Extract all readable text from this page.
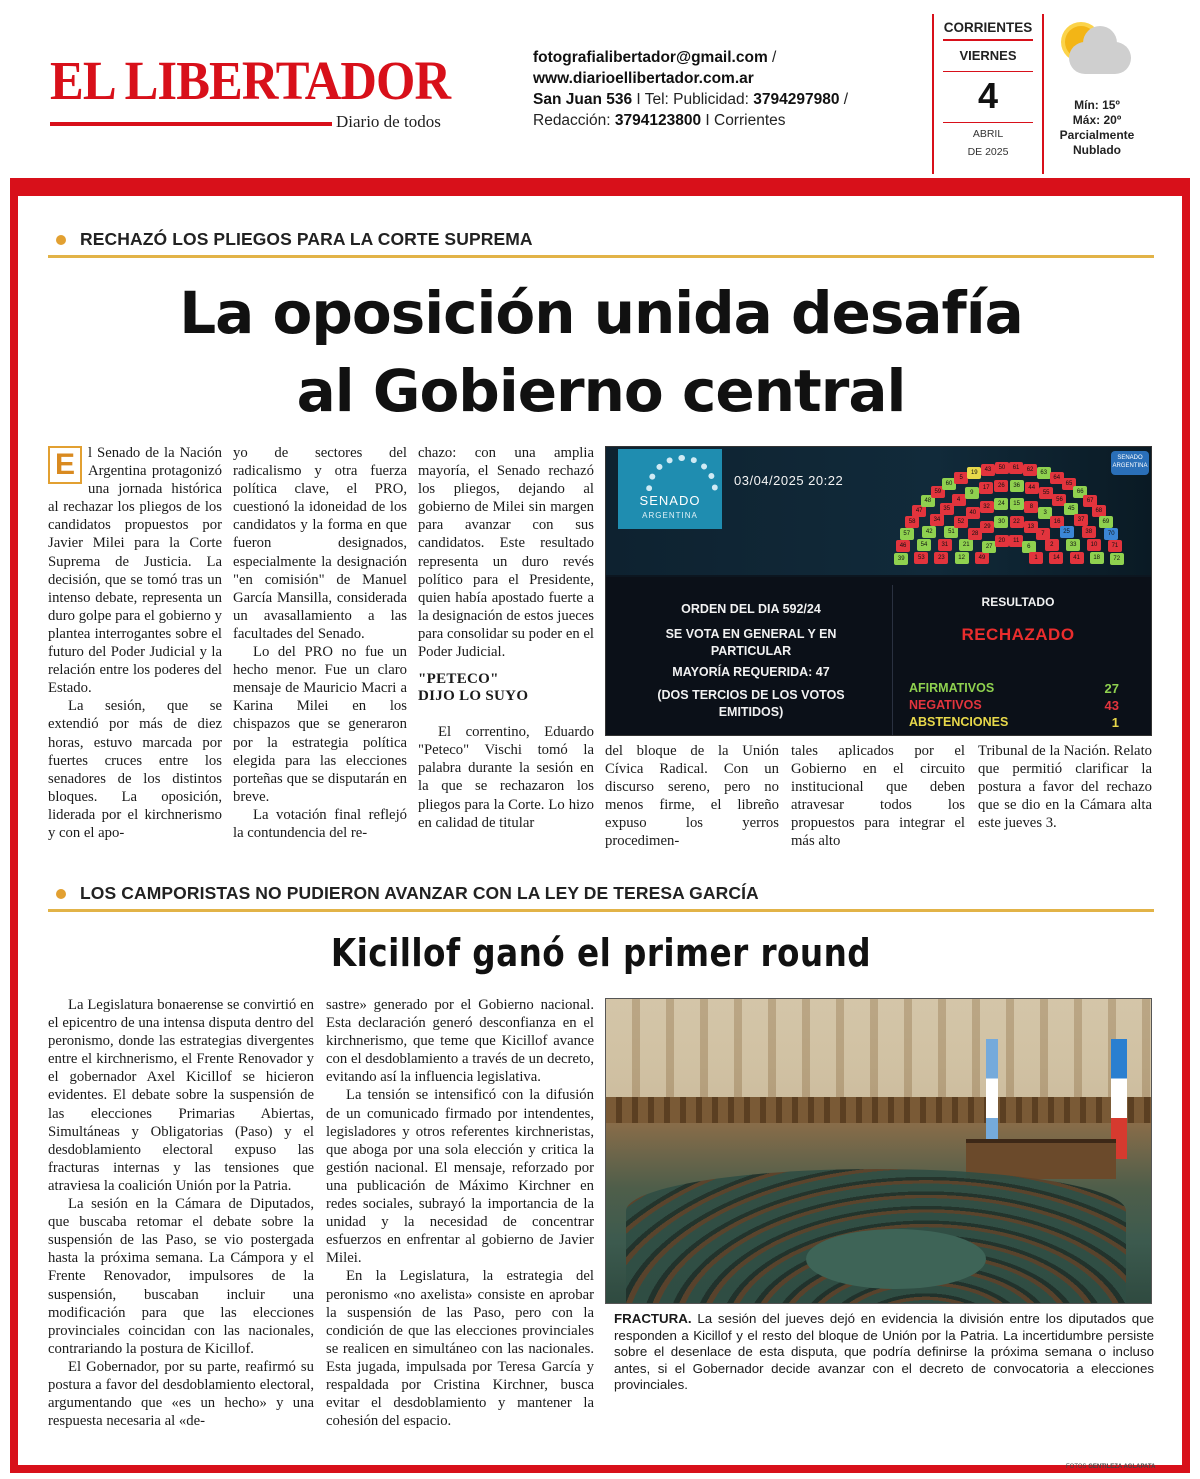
EL LIBERTADOR
Diario de todos
fotografialibertador@gmail.com /
www.diarioellibertador.com.ar
San Juan 536 I Tel: Publicidad: 3794297980 /
Redacción: 3794123800 I Corrientes
CORRIENTES
VIERNES
4
ABRIL
DE 2025
Mín: 15º
Máx: 20º
Parcialmente
Nublado
RECHAZÓ LOS PLIEGOS PARA LA CORTE SUPREMA
La oposición unida desafía
al Gobierno central

E l Senado de la Nación Argentina protagonizó una jornada histórica al rechazar los pliegos de los candidatos propuestos por Javier Milei para la Corte Suprema de Justicia. La decisión, que se tomó tras un intenso debate, representa un duro golpe para el gobierno y plantea interrogantes sobre el futuro del Poder Judicial y la relación entre los poderes del Estado.

La sesión, que se extendió por más de diez horas, estuvo marcada por fuertes cruces entre los senadores de los distintos bloques. La oposición, liderada por el kirchnerismo y con el apo-

yo de sectores del radicalismo y otra fuerza política clave, el PRO, cuestionó la idoneidad de los candidatos y la forma en que fueron designados, especialmente la designación "en comisión" de Manuel García Mansilla, considerada un avasallamiento a las facultades del Senado.

Lo del PRO no fue un hecho menor. Fue un claro mensaje de Mauricio Macri a Karina Milei en los chispazos que se generaron por la estrategia política elegida para las elecciones porteñas que se disputarán en breve.

La votación final reflejó la contundencia del re-

chazo: con una amplia mayoría, el Senado rechazó los pliegos, dejando al gobierno de Milei sin margen para avanzar con sus candidatos. Este resultado representa un duro revés político para el Presidente, quien había apostado fuerte a la designación de estos jueces para consolidar su poder en el Poder Judicial.

"PETECO"
DIJO LO SUYO

El correntino, Eduardo "Peteco" Vischi tomó la palabra durante la sesión en la que se rechazaron los pliegos para la Corte. Lo hizo en calidad de titular

SENADO
ARGENTINA
03/04/2025 20:22
49
27
20	11
6
1
12
21
28
29
30	22
13
7
2
14
23
31
51
52
40
32
24	15
8
3
16
25
33
41
53
54
42
34
35
4
9
17	26	36	44
55
56
45
37
38
10
18
39
46
57
58
47
48
59
60
5
19
43	50	61	62
63
64
65
66
67
68
69
70
71
72
SENADO
ARGENTINA
ORDEN DEL DIA 592/24
SE VOTA EN GENERAL Y EN
PARTICULAR
MAYORÍA REQUERIDA: 47
(DOS TERCIOS DE LOS VOTOS
EMITIDOS)
RESULTADO
RECHAZADO
AFIRMATIVOS	27
NEGATIVOS	43
ABSTENCIONES	1

del bloque de la Unión Cívica Radical. Con un discurso sereno, pero no menos firme, el libreño expuso los yerros procedimen-

tales aplicados por el Gobierno en el circuito institucional que deben atravesar todos los propuestos para integrar el más alto

Tribunal de la Nación. Relato que permitió clarificar la postura a favor del rechazo que se dio en la Cámara alta este jueves 3.

LOS CAMPORISTAS NO PUDIERON AVANZAR CON LA LEY DE TERESA GARCÍA
Kicillof ganó el primer round

La Legislatura bonaerense se convirtió en el epicentro de una intensa disputa dentro del peronismo, donde las estrategias divergentes entre el kirchnerismo, el Frente Renovador y el gobernador Axel Kicillof se hicieron evidentes. El debate sobre la suspensión de las elecciones Primarias Abiertas, Simultáneas y Obligatorias (Paso) y el desdoblamiento electoral expuso las fracturas internas y las tensiones que atraviesa la coalición Unión por la Patria.

La sesión en la Cámara de Diputados, que buscaba retomar el debate sobre la suspensión de las Paso, se vio postergada hasta la próxima semana. La Cámpora y el Frente Renovador, impulsores de la suspensión, buscaban incluir una modificación para que las elecciones provinciales coincidan con las nacionales, contrariando la postura de Kicillof.

El Gobernador, por su parte, reafirmó su postura a favor del desdoblamiento electoral, argumentando que «es un hecho» y una respuesta necesaria al «de-

sastre» generado por el Gobierno nacional. Esta declaración generó desconfianza en el kirchnerismo, que teme que Kicillof avance con el desdoblamiento a través de un decreto, evitando así la influencia legislativa.

La tensión se intensificó con la difusión de un comunicado firmado por intendentes, legisladores y otros referentes kirchneristas, que aboga por una sola elección y critica la gestión nacional. El mensaje, reforzado por una publicación de Máximo Kirchner en redes sociales, subrayó la importancia de la unidad y la necesidad de concentrar esfuerzos en enfrentar al gobierno de Javier Milei.

En la Legislatura, la estrategia del peronismo «no axelista» consiste en aprobar la suspensión de las Paso, pero con la condición de que las elecciones provinciales se realicen en simultáneo con las nacionales. Esta jugada, impulsada por Teresa García y respaldada por Cristina Kirchner, busca evitar el desdoblamiento y mantener la cohesión del espacio.

FRACTURA. La sesión del jueves dejó en evidencia la división entre los diputados que responden a Kicillof y el resto del bloque de Unión por la Patria. La incertidumbre persiste sobre el desenlace de esta disputa, que podría definirse la próxima semana o incluso antes, si el Gobernador decide avanzar con el decreto de convocatoria a elecciones provinciales.
FOTOS GENTILEZA AGLAPATA
